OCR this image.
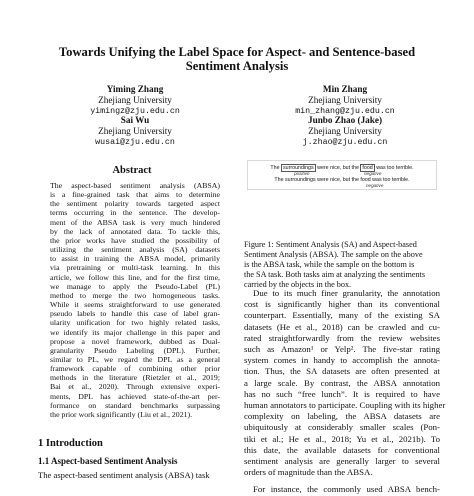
Towards Unifying the Label Space for Aspect- and Sentence-based
Sentiment Analysis
Yiming Zhang
Zhejiang University
yimingz@zju.edu.cn
Min Zhang
Zhejiang University
min_zhang@zju.edu.cn
Sai Wu
Zhejiang University
wusai@zju.edu.cn
Junbo Zhao (Jake)
Zhejiang University
j.zhao@zju.edu.cn
Abstract
The aspect-based sentiment analysis (ABSA)
is a fine-grained task that aims to determine
the sentiment polarity towards targeted aspect
terms occurring in the sentence. The develop-
ment of the ABSA task is very much hindered
by the lack of annotated data. To tackle this,
the prior works have studied the possibility of
utilizing the sentiment analysis (SA) datasets
to assist in training the ABSA model, primarily
via pretraining or multi-task learning. In this
article, we follow this line, and for the first time,
we manage to apply the Pseudo-Label (PL)
method to merge the two homogeneous tasks.
While it seems straightforward to use generated
pseudo labels to handle this case of label gran-
ularity unification for two highly related tasks,
we identify its major challenge in this paper and
propose a novel framework, dubbed as Dual-
granularity Pseudo Labeling (DPL). Further,
similar to PL, we regard the DPL as a general
framework capable of combining other prior
methods in the literature (Rietzler et al., 2019;
Bai et al., 2020). Through extensive experi-
ments, DPL has achieved state-of-the-art per-
formance on standard benchmarks surpassing
the prior work significantly (Liu et al., 2021).
1 Introduction
1.1 Aspect-based Sentiment Analysis
The aspect-based sentiment analysis (ABSA) task
The surroundings were nice, but the food was too terrible.
positive	negative
The surroundings were nice, but the food was too terrible.
negative
Figure 1: Sentiment Analysis (SA) and Aspect-based
Sentiment Analysis (ABSA). The sample on the above
is the ABSA task, while the sample on the bottom is
the SA task. Both tasks aim at analyzing the sentiments
carried by the objects in the box.
Due to its much finer granularity, the annotation
cost is significantly higher than its conventional
counterpart. Essentially, many of the existing SA
datasets (He et al., 2018) can be crawled and cu-
rated straightforwardly from the review websites
such as Amazon¹ or Yelp². The five-star rating
system comes in handy to accomplish the annota-
tion. Thus, the SA datasets are often presented at
a large scale. By contrast, the ABSA annotation
has no such “free lunch”. It is required to have
human annotators to participate. Coupling with its higher
complexity on labeling, the ABSA datasets are
ubiquitously at considerably smaller scales (Pon-
tiki et al.; He et al., 2018; Yu et al., 2021b). To
this date, the available datasets for conventional
sentiment analysis are generally larger to several
orders of magnitude than the ABSA.
For instance, the commonly used ABSA bench-
